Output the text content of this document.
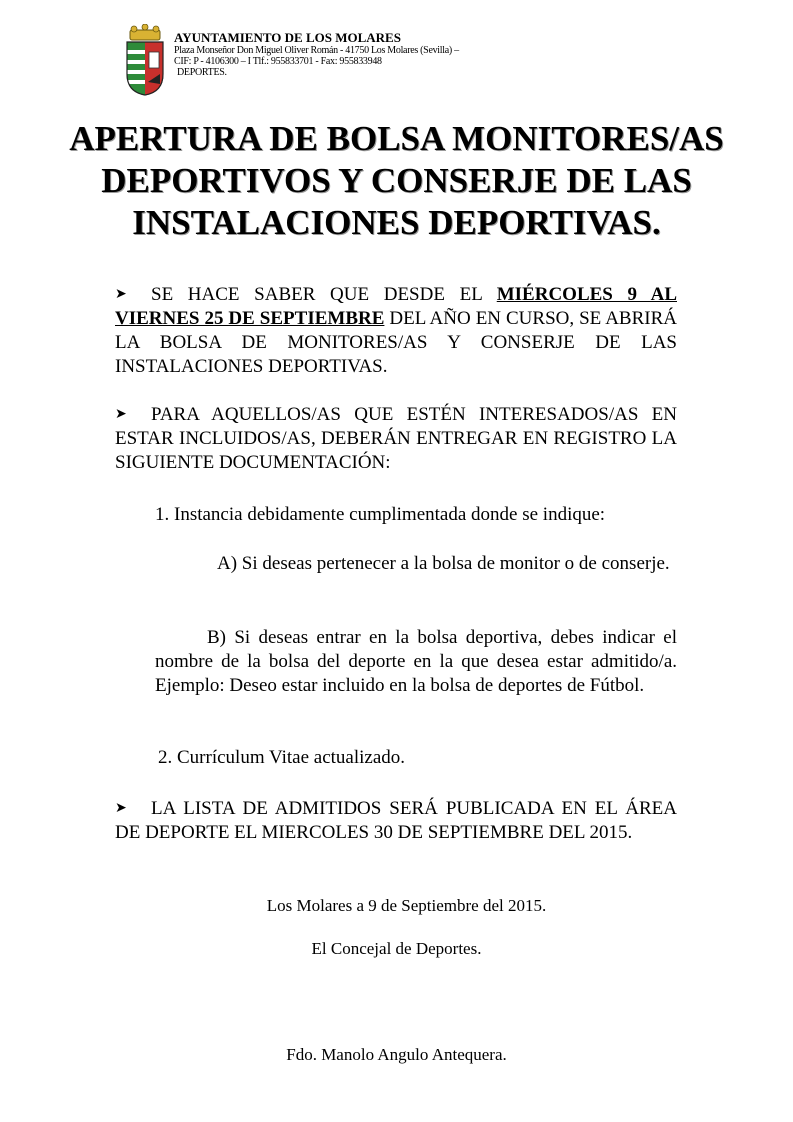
AYUNTAMIENTO DE LOS MOLARES
Plaza Monseñor Don Miguel Oliver Román - 41750 Los Molares (Sevilla) –
CIF: P - 4106300 – I Tlf.: 955833701 - Fax: 955833948
DEPORTES.
APERTURA DE BOLSA MONITORES/AS DEPORTIVOS Y CONSERJE DE LAS INSTALACIONES DEPORTIVAS.
➤ SE HACE SABER QUE DESDE EL MIÉRCOLES 9 AL VIERNES 25 DE SEPTIEMBRE DEL AÑO EN CURSO, SE ABRIRÁ LA BOLSA DE MONITORES/AS Y CONSERJE DE LAS INSTALACIONES DEPORTIVAS.
➤ PARA AQUELLOS/AS QUE ESTÉN INTERESADOS/AS EN ESTAR INCLUIDOS/AS, DEBERÁN ENTREGAR EN REGISTRO LA SIGUIENTE DOCUMENTACIÓN:
1. Instancia debidamente cumplimentada donde se indique:
A) Si deseas pertenecer a la bolsa de monitor o de conserje.
B) Si deseas entrar en la bolsa deportiva, debes indicar el nombre de la bolsa del deporte en la que desea estar admitido/a. Ejemplo: Deseo estar incluido en la bolsa de deportes de Fútbol.
2. Currículum Vitae actualizado.
➤ LA LISTA DE ADMITIDOS SERÁ PUBLICADA EN EL ÁREA DE DEPORTE EL MIERCOLES 30 DE SEPTIEMBRE DEL 2015.
Los Molares a 9 de Septiembre del 2015.
El Concejal de Deportes.
Fdo. Manolo Angulo Antequera.
